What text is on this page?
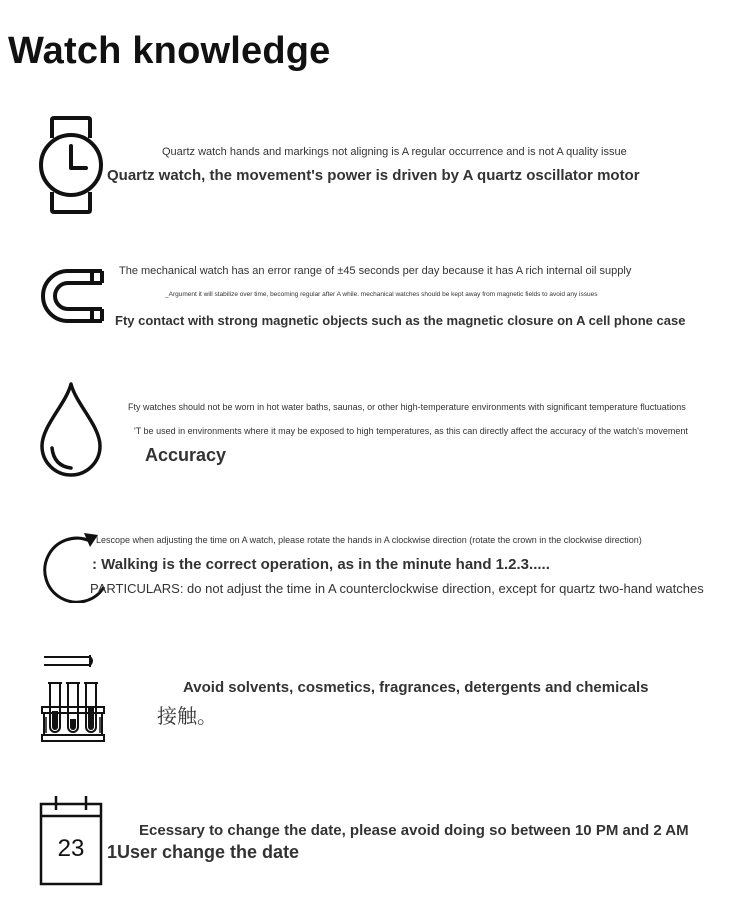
Watch knowledge
Quartz watch hands and markings not aligning is A regular occurrence and is not A quality issue
Quartz watch, the movement's power is driven by A quartz oscillator motor
The mechanical watch has an error range of ±45 seconds per day because it has A rich internal oil supply
_Argument it will stabilize over time, becoming regular after A while. mechanical watches should be kept away from magnetic fields to avoid any issues
Fty contact with strong magnetic objects such as the magnetic closure on A cell phone case
Fty watches should not be worn in hot water baths, saunas, or other high-temperature environments with significant temperature fluctuations
'T be used in environments where it may be exposed to high temperatures, as this can directly affect the accuracy of the watch's movement
Accuracy
Lescope when adjusting the time on A watch, please rotate the hands in A clockwise direction (rotate the crown in the clockwise direction)
: Walking is the correct operation, as in the minute hand 1.2.3.....
PARTICULARS: do not adjust the time in A counterclockwise direction, except for quartz two-hand watches
Avoid solvents, cosmetics, fragrances, detergents and chemicals
接触。
23
Ecessary to change the date, please avoid doing so between 10 PM and 2 AM
1User change the date
